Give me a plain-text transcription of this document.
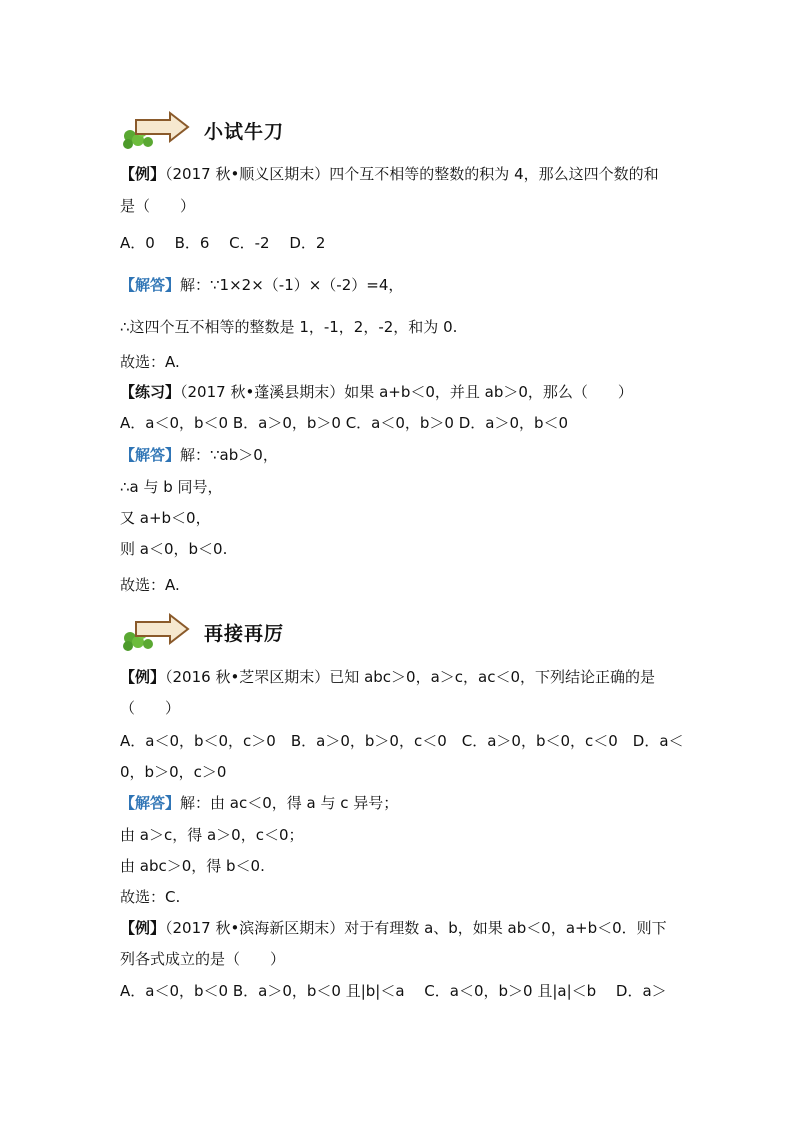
小试牛刀
【例】（2017 秋•顺义区期末）四个互不相等的整数的积为 4，那么这四个数的和
是（　　）
A．0　 B．6　 C．-2　 D．2
【解答】解：∵1×2×（-1）×（-2）=4，
∴这四个互不相等的整数是 1，-1，2，-2，和为 0.
故选：A.
【练习】（2017 秋•蓬溪县期末）如果 a+b＜0，并且 ab＞0，那么（　　）
A．a＜0，b＜0 B．a＞0，b＞0 C．a＜0，b＞0 D．a＞0，b＜0
【解答】解：∵ab＞0，
∴a 与 b 同号，
又 a+b＜0，
则 a＜0，b＜0.
故选：A.
再接再厉
【例】（2016 秋•芝罘区期末）已知 abc＞0，a＞c，ac＜0，下列结论正确的是
（　　）
A．a＜0，b＜0，c＞0　B．a＞0，b＞0，c＜0　C．a＞0，b＜0，c＜0　D．a＜
0，b＞0，c＞0
【解答】解：由 ac＜0，得 a 与 c 异号；
由 a＞c，得 a＞0，c＜0；
由 abc＞0，得 b＜0.
故选：C.
【例】（2017 秋•滨海新区期末）对于有理数 a、b，如果 ab＜0，a+b＜0．则下
列各式成立的是（　　）
A．a＜0，b＜0 B．a＞0，b＜0 且|b|＜a　 C．a＜0，b＞0 且|a|＜b　 D．a＞
